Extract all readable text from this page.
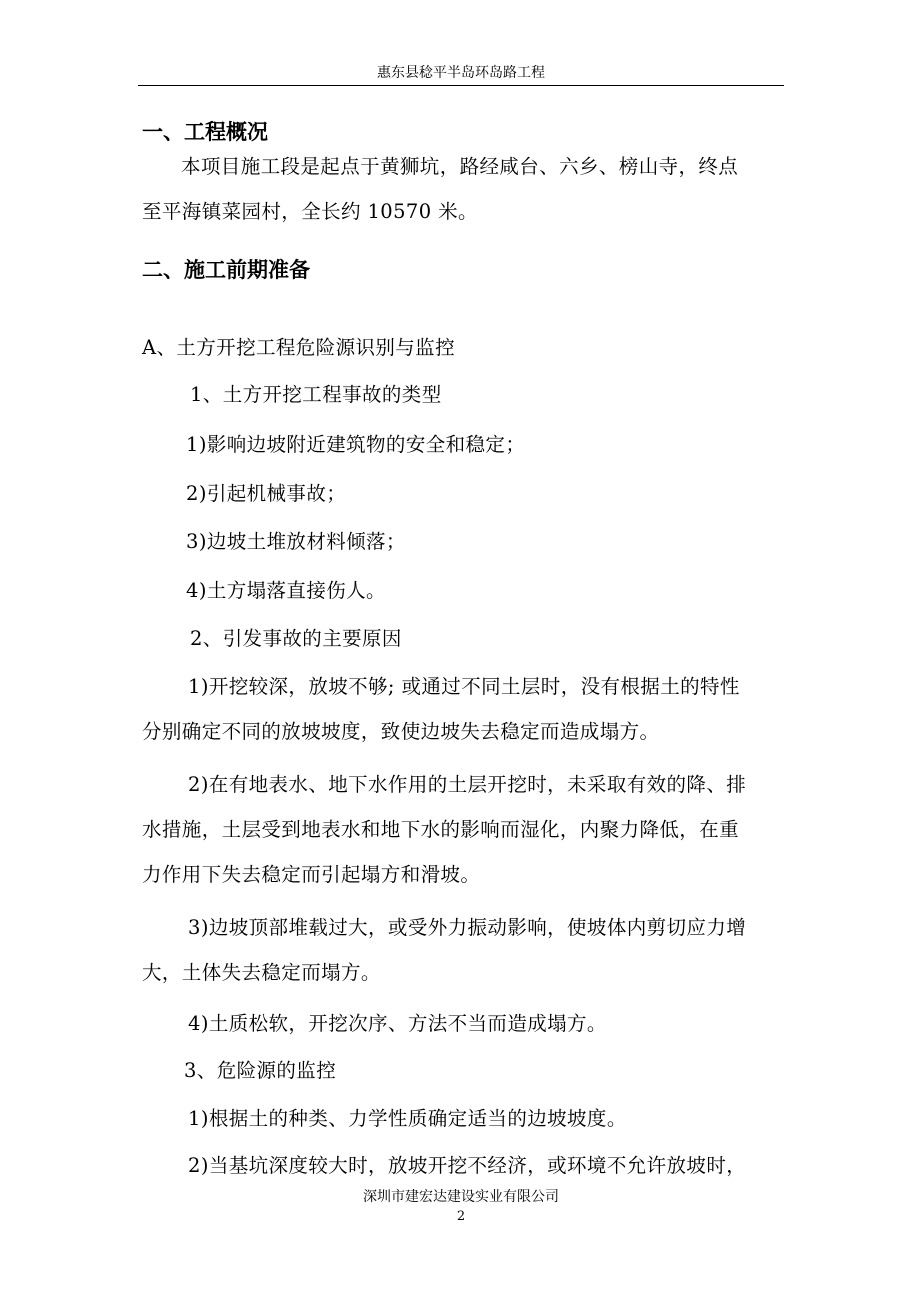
惠东县稔平半岛环岛路工程
一、工程概况
本项目施工段是起点于黄狮坑，路经咸台、六乡、榜山寺，终点
至平海镇菜园村，全长约 10570 米。
二、施工前期准备
A、土方开挖工程危险源识别与监控
1、土方开挖工程事故的类型
1)影响边坡附近建筑物的安全和稳定；
2)引起机械事故；
3)边坡土堆放材料倾落；
4)土方塌落直接伤人。
2、引发事故的主要原因
1)开挖较深，放坡不够; 或通过不同土层时，没有根据土的特性
分别确定不同的放坡坡度，致使边坡失去稳定而造成塌方。
2)在有地表水、地下水作用的土层开挖时，未采取有效的降、排
水措施，土层受到地表水和地下水的影响而湿化，内聚力降低，在重
力作用下失去稳定而引起塌方和滑坡。
3)边坡顶部堆载过大，或受外力振动影响，使坡体内剪切应力增
大，土体失去稳定而塌方。
4)土质松软，开挖次序、方法不当而造成塌方。
3、危险源的监控
1)根据土的种类、力学性质确定适当的边坡坡度。
2)当基坑深度较大时，放坡开挖不经济，或环境不允许放坡时，
深圳市建宏达建设实业有限公司
2
